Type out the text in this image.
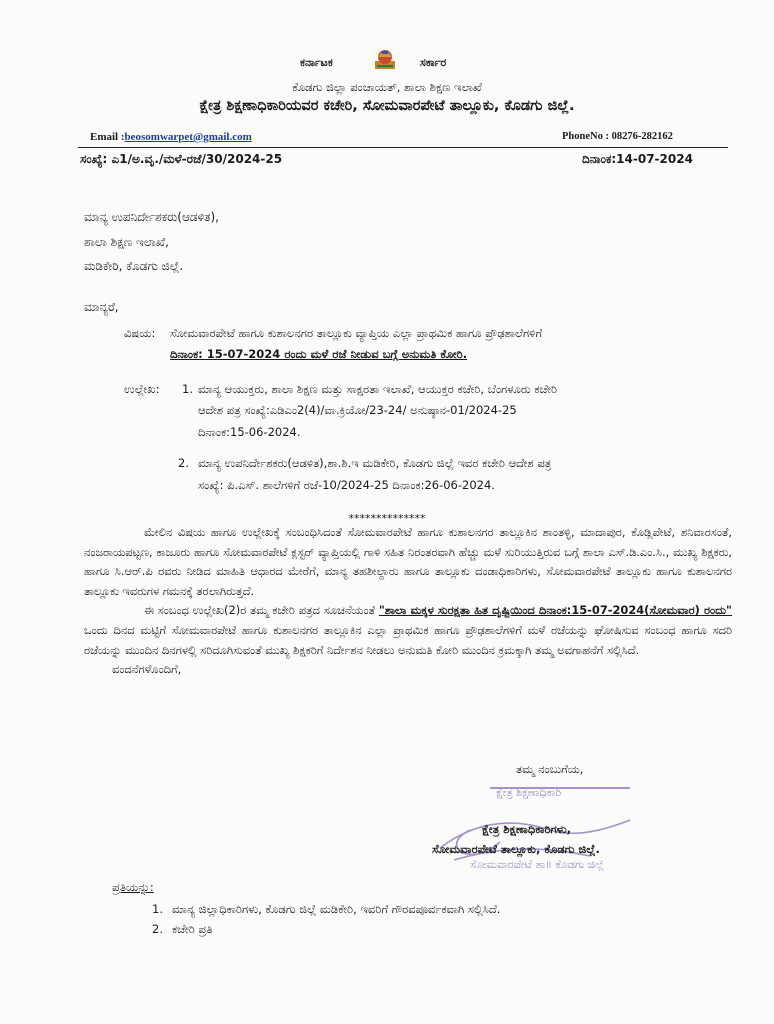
ಕರ್ನಾಟಕ	ಸರ್ಕಾರ
ಕೊಡಗು ಜಿಲ್ಲಾ ಪಂಚಾಯತ್, ಶಾಲಾ ಶಿಕ್ಷಣ ಇಲಾಖೆ
ಕ್ಷೇತ್ರ ಶಿಕ್ಷಣಾಧಿಕಾರಿಯವರ ಕಚೇರಿ, ಸೋಮವಾರಪೇಟೆ ತಾಲ್ಲೂಕು, ಕೊಡಗು ಜಿಲ್ಲೆ.
Email :beosomwarpet@gmail.com	PhoneNo : 08276-282162
ಸಂಖ್ಯೆ: ಎ1/ಅ.ವೃ./ಮಳೆ-ರಜೆ/30/2024-25	ದಿನಾಂಕ:14-07-2024
ಮಾನ್ಯ ಉಪನಿರ್ದೇಶಕರು(ಆಡಳಿತ),
ಶಾಲಾ ಶಿಕ್ಷಣ ಇಲಾಖೆ,
ಮಡಿಕೇರಿ, ಕೊಡಗು ಜಿಲ್ಲೆ.
ಮಾನ್ಯರೆ,
ವಿಷಯ: ಸೋಮವಾರಪೇಟೆ ಹಾಗೂ ಕುಶಾಲನಗರ ತಾಲ್ಲೂಕು ವ್ಯಾಪ್ತಿಯ ಎಲ್ಲಾ ಪ್ರಾಥಮಿಕ ಹಾಗೂ ಪ್ರೌಢಶಾಲೆಗಳಿಗೆ
ದಿನಾಂಕ: 15-07-2024 ರಂದು ಮಳೆ ರಜೆ ನೀಡುವ ಬಗ್ಗೆ ಅನುಮತಿ ಕೋರಿ.
ಉಲ್ಲೇಖ: 1. ಮಾನ್ಯ ಆಯುಕ್ತರು, ಶಾಲಾ ಶಿಕ್ಷಣ ಮತ್ತು ಸಾಕ್ಷರತಾ ಇಲಾಖೆ, ಆಯುಕ್ತರ ಕಚೇರಿ, ಬೆಂಗಳೂರು ಕಚೇರಿ
ಆದೇಶ ಪತ್ರ ಸಂಖ್ಯೆ:ಎಡಿಎಂ2(4)/ವಾ.ಕ್ರಿಯೋ/23-24/ ಅನುಷ್ಠಾನ-01/2024-25
ದಿನಾಂಕ:15-06-2024.
2. ಮಾನ್ಯ ಉಪನಿರ್ದೇಶಕರು(ಆಡಳಿತ),ಶಾ.ಶಿ.ಇ ಮಡಿಕೇರಿ, ಕೊಡಗು ಜಿಲ್ಲೆ ಇವರ ಕಚೇರಿ ಆದೇಶ ಪತ್ರ
ಸಂಖ್ಯೆ: ಪಿ.ಎಸ್. ಶಾಲೆಗಳಿಗೆ ರಜೆ-10/2024-25 ದಿನಾಂಕ:26-06-2024.
**************

ಮೇಲಿನ ವಿಷಯ ಹಾಗೂ ಉಲ್ಲೇಖಕ್ಕೆ ಸಂಬಂಧಿಸಿದಂತೆ ಸೋಮವಾರಪೇಟೆ ಹಾಗೂ ಕುಶಾಲನಗರ ತಾಲ್ಲೂಕಿನ ಶಾಂತಳ್ಳಿ, ಮಾದಾಪುರ, ಕೊಡ್ಲಿಪೇಟೆ, ಶನಿವಾರಸಂತೆ, ನಂಜರಾಯಪಟ್ಟಣ, ಕಾಜೂರು ಹಾಗೂ ಸೋಮವಾರಪೇಟೆ ಕ್ಲಸ್ಟರ್ ವ್ಯಾಪ್ತಿಯಲ್ಲಿ ಗಾಳಿ ಸಹಿತ ನಿರಂತರವಾಗಿ ಹೆಚ್ಚು ಮಳೆ ಸುರಿಯುತ್ತಿರುವ ಬಗ್ಗೆ ಶಾಲಾ ಎಸ್.ಡಿ.ಎಂ.ಸಿ., ಮುಖ್ಯ ಶಿಕ್ಷಕರು, ಹಾಗೂ ಸಿ.ಆರ್.ಪಿ ರವರು ನೀಡಿದ ಮಾಹಿತಿ ಆಧಾರದ ಮೇರೆಗೆ, ಮಾನ್ಯ ತಹಶೀಲ್ದಾರು ಹಾಗೂ ತಾಲ್ಲೂಕು ದಂಡಾಧಿಕಾರಿಗಳು, ಸೋಮವಾರಪೇಟೆ ತಾಲ್ಲೂಕು ಹಾಗೂ ಕುಶಾಲನಗರ ತಾಲ್ಲೂಕು ಇವರುಗಳ ಗಮನಕ್ಕೆ ತರಲಾಗಿರುತ್ತದೆ.

ಈ ಸಂಬಂಧ ಉಲ್ಲೇಖ(2)ರ ತಮ್ಮ ಕಚೇರಿ ಪತ್ರದ ಸೂಚನೆಯಂತೆ "ಶಾಲಾ ಮಕ್ಕಳ ಸುರಕ್ಷತಾ ಹಿತ ದೃಷ್ಟಿಯಿಂದ ದಿನಾಂಕ:15-07-2024(ಸೋಮವಾರ) ರಂದು" ಒಂದು ದಿನದ ಮಟ್ಟಿಗೆ ಸೋಮವಾರಪೇಟೆ ಹಾಗೂ ಕುಶಾಲನಗರ ತಾಲ್ಲೂಕಿನ ಎಲ್ಲಾ ಪ್ರಾಥಮಿಕ ಹಾಗೂ ಪ್ರೌಢಶಾಲೆಗಳಿಗೆ ಮಳೆ ರಜೆಯನ್ನು ಘೋಷಿಸುವ ಸಂಬಂಧ ಹಾಗೂ ಸದರಿ ರಜೆಯನ್ನು ಮುಂದಿನ ದಿನಗಳಲ್ಲಿ ಸರಿದೂಗಿಸುವಂತೆ ಮುಖ್ಯ ಶಿಕ್ಷಕರಿಗೆ ನಿರ್ದೇಶನ ನೀಡಲು ಅನುಮತಿ ಕೋರಿ ಮುಂದಿನ ಕ್ರಮಕ್ಕಾಗಿ ತಮ್ಮ ಅವಗಾಹನೆಗೆ ಸಲ್ಲಿಸಿದೆ.

ವಂದನೆಗಳೊಂದಿಗೆ,

ತಮ್ಮ ನಂಬುಗೆಯ,
ಕ್ಷೇತ್ರ ಶಿಕ್ಷಣಾಧಿಕಾರಿ
ಸೋಮವಾರಪೇಟೆ ತಾ॥ ಕೊಡಗು ಜಿಲ್ಲೆ
ಕ್ಷೇತ್ರ ಶಿಕ್ಷಣಾಧಿಕಾರಿಗಳು,
ಸೋಮವಾರಪೇಟೆ ತಾಲ್ಲೂಕು, ಕೊಡಗು ಜಿಲ್ಲೆ.
ಪ್ರತಿಯನ್ನು:
1. ಮಾನ್ಯ ಜಿಲ್ಲಾಧಿಕಾರಿಗಳು, ಕೊಡಗು ಜಿಲ್ಲೆ ಮಡಿಕೇರಿ, ಇವರಿಗೆ ಗೌರವಪೂರ್ವಕವಾಗಿ ಸಲ್ಲಿಸಿದೆ.
2. ಕಚೇರಿ ಪ್ರತಿ
